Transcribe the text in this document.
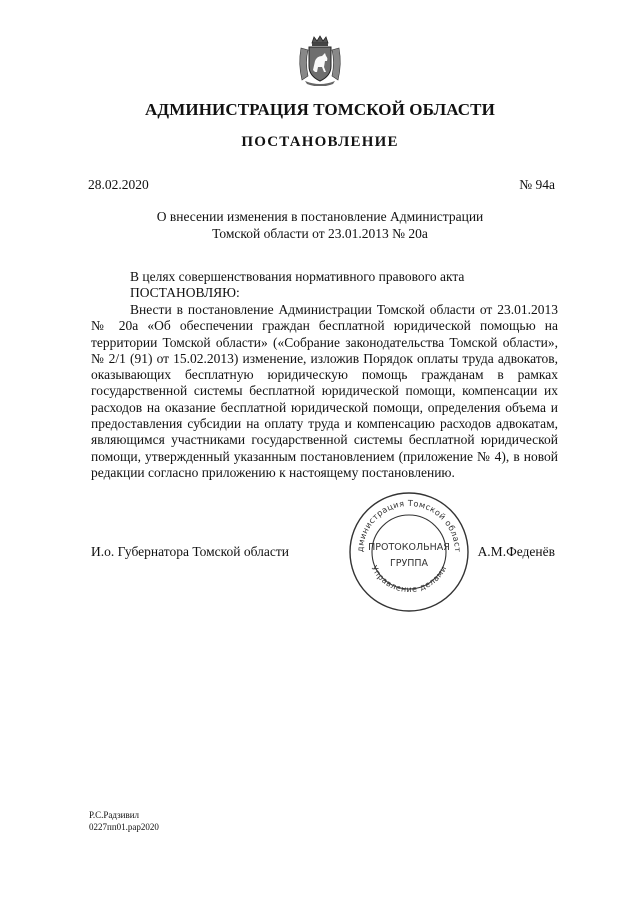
АДМИНИСТРАЦИЯ ТОМСКОЙ ОБЛАСТИ
ПОСТАНОВЛЕНИЕ
28.02.2020	№ 94а
О внесении изменения в постановление Администрации
Томской области от 23.01.2013 № 20а
В целях совершенствования нормативного правового акта
ПОСТАНОВЛЯЮ:
Внести в постановление Администрации Томской области от 23.01.2013 № 20а «Об обеспечении граждан бесплатной юридической помощью на территории Томской области» («Собрание законодательства Томской области», № 2/1 (91) от 15.02.2013) изменение, изложив Порядок оплаты труда адвокатов, оказывающих бесплатную юридическую помощь гражданам в рамках государственной системы бесплатной юридической помощи, компенсации их расходов на оказание бесплатной юридической помощи, определения объема и предоставления субсидии на оплату труда и компенсацию расходов адвокатам, являющимся участниками государственной системы бесплатной юридической помощи, утвержденный указанным постановлением (приложение № 4), в новой редакции согласно приложению к настоящему постановлению.
И.о. Губернатора Томской области	А.М.Феденёв
дминистрация Томской област
Управление делами
ПРОТОКОЛЬНАЯ
ГРУППА
Р.С.Радзивил
0227пп01.рар2020
